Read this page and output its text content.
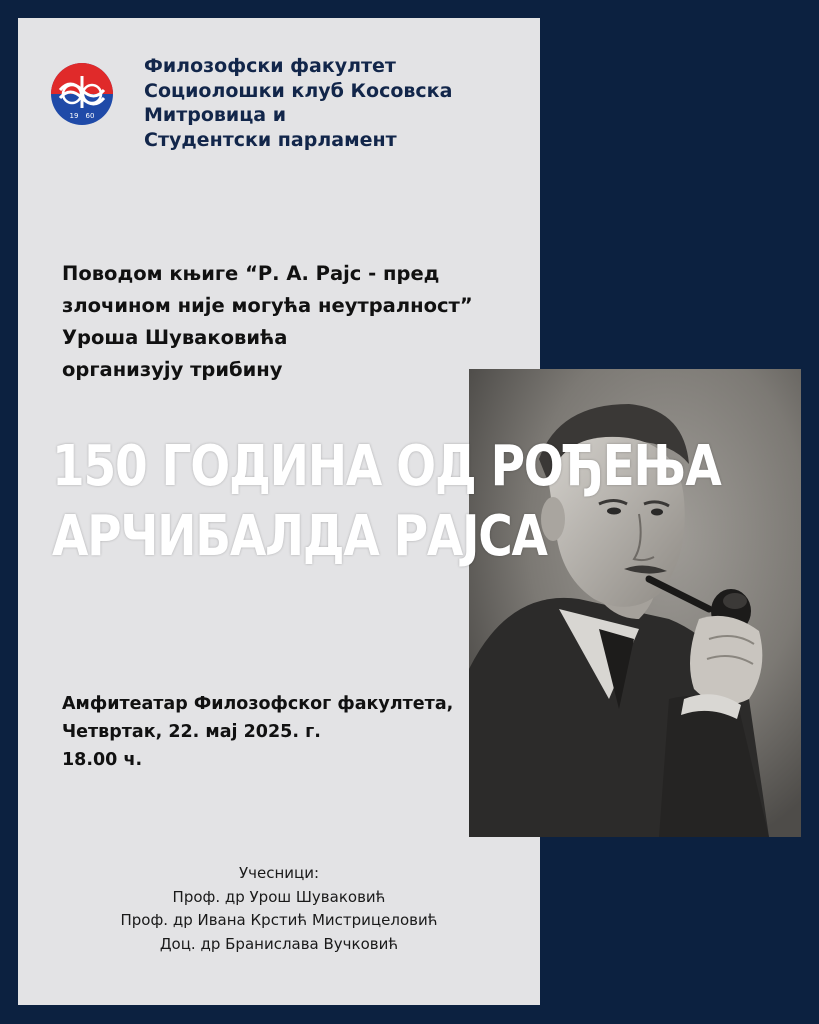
19 60
Филозофски факултет
Социолошки клуб Косовска
Митровица и
Студентски парламент
Поводом књиге “Р. А. Рајс - пред
злочином није могућа неутралност”
Уроша Шуваковића
организују трибину
150 ГОДИНА ОД РОЂЕЊА
АРЧИБАЛДА РАЈСА
Амфитеатар Филозофског факултета,
Четвртак, 22. мај 2025. г.
18.00 ч.
Учесници:
Проф. др Урош Шуваковић
Проф. др Ивана Крстић Мистрицеловић
Доц. др Бранислава Вучковић
